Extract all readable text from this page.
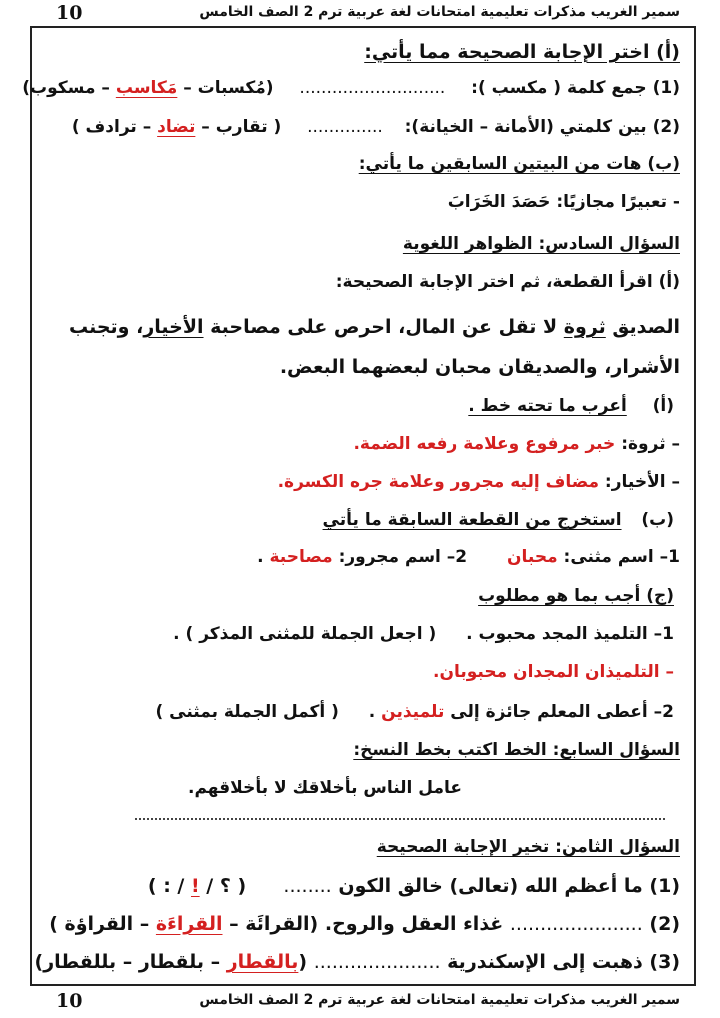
10	سمير الغريب مذكرات تعليمية امتحانات لغة عربية ترم 2 الصف الخامس
(أ) اختر الإجابة الصحيحة مما يأتي:
(1) جمع كلمة ( مكسب ):  ...........................  (مُكسبات – مَكاسب – مسكوب)
(2) بين كلمتي (الأمانة – الخيانة):  ..............  ( تقارب – تضاد – ترادف )
(ب) هات من البيتين السابقين ما يأتي:
- تعبيرًا مجازيًا: حَصَدَ الخَرَابَ
السؤال السادس: الظواهر اللغوية
(أ) اقرأ القطعة، ثم اختر الإجابة الصحيحة:
الصديق ثروة لا تقل عن المال، احرص على مصاحبة الأخيار، وتجنب
الأشرار، والصديقان محبان لبعضهما البعض.
(أ)  أعرب ما تحته خط .
– ثروة: خبر مرفوع وعلامة رفعه الضمة.
– الأخيار: مضاف إليه مجرور وعلامة جره الكسرة.
(ب)  استخرج من القطعة السابقة ما يأتي
1– اسم مثنى: محبان  2– اسم مجرور: مصاحبة .
(ج) أجب بما هو مطلوب
1– التلميذ المجد محبوب .  ( اجعل الجملة للمثنى المذكر ) .
– التلميذان المجدان محبوبان.
2– أعطى المعلم جائزة إلى تلميذين .  ( أكمل الجملة بمثنى )
السؤال السابع: الخط اكتب بخط النسخ:
عامل الناس بأخلاقك لا بأخلاقهم.
السؤال الثامن: تخير الإجابة الصحيحة
(1) ما أعظم الله (تعالى) خالق الكون ........  ( ؟ / ! / : )
(2) ...................... غذاء العقل والروح. (القرائَة – القراءَة – القراؤة )
(3) ذهبت إلى الإسكندرية ..................... (بالقطار – بلقطار – بللقطار)
10	سمير الغريب مذكرات تعليمية امتحانات لغة عربية ترم 2 الصف الخامس
